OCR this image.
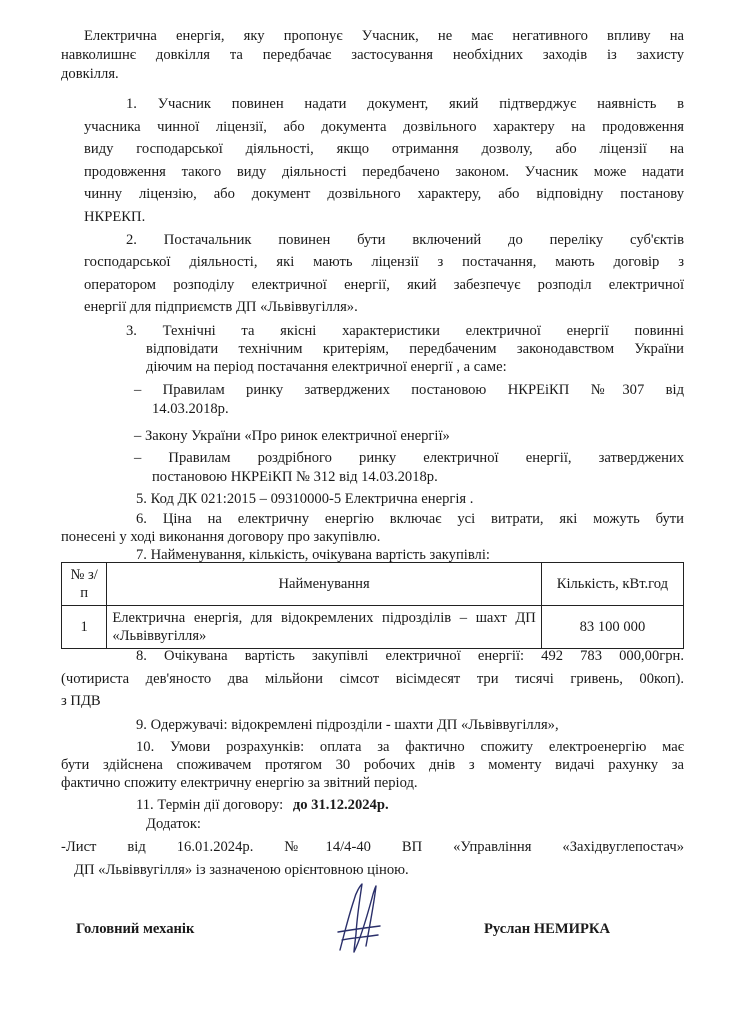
Електрична енергія, яку пропонує Учасник, не має негативного впливу на
навколишнє довкілля та передбачає застосування необхідних заходів із захисту
довкілля.
1. Учасник повинен надати документ, який підтверджує наявність в
учасника чинної ліцензії, або документа дозвільного характеру на продовження
виду господарської діяльності, якщо отримання дозволу, або ліцензії на
продовження такого виду діяльності передбачено законом. Учасник може надати
чинну ліцензію, або документ дозвільного характеру, або відповідну постанову
НКРЕКП.
2. Постачальник повинен бути включений до переліку суб'єктів
господарської діяльності, які мають ліцензії з постачання, мають договір з
оператором розподілу електричної енергії, який забезпечує розподіл електричної
енергії для підприємств ДП «Львіввугілля».
3. Технічні та якісні характеристики електричної енергії повинні
відповідати технічним критеріям, передбаченим законодавством України
діючим на період постачання електричної енергії , а саме:
– Правилам ринку затверджених постановою НКРЕіКП №307 від
14.03.2018р.
– Закону України «Про ринок електричної енергії»
– Правилам роздрібного ринку електричної енергії, затверджених
постановою НКРЕіКП № 312 від 14.03.2018р.
5. Код ДК 021:2015 – 09310000-5 Електрична енергія .
6. Ціна на електричну енергію включає усі витрати, які можуть бути
понесені у ході виконання договору про закупівлю.
7. Найменування, кількість, очікувана вартість закупівлі:
№ з/п	Найменування	Кількість, кВт.год
1	Електрична енергія, для відокремлених підрозділів – шахт ДП «Львіввугілля»	83 100 000
8. Очікувана вартість закупівлі електричної енергії: 492 783 000,00грн.
(чотириста дев'яносто два мільйони сімсот вісімдесят три тисячі гривень, 00коп).
з ПДВ
9. Одержувачі: відокремлені підрозділи - шахти ДП «Львіввугілля»,
10. Умови розрахунків: оплата за фактично спожиту електроенергію має
бути здійснена споживачем протягом 30 робочих днів з моменту видачі рахунку за
фактично спожиту електричну енергію за звітний період.
11. Термін дії договору: до 31.12.2024р.
Додаток:
-Лист від 16.01.2024р. №14/4-40 ВП «Управління «Західвуглепостач»
ДП «Львіввугілля» із зазначеною орієнтовною ціною.
Головний механік	Руслан НЕМИРКА
